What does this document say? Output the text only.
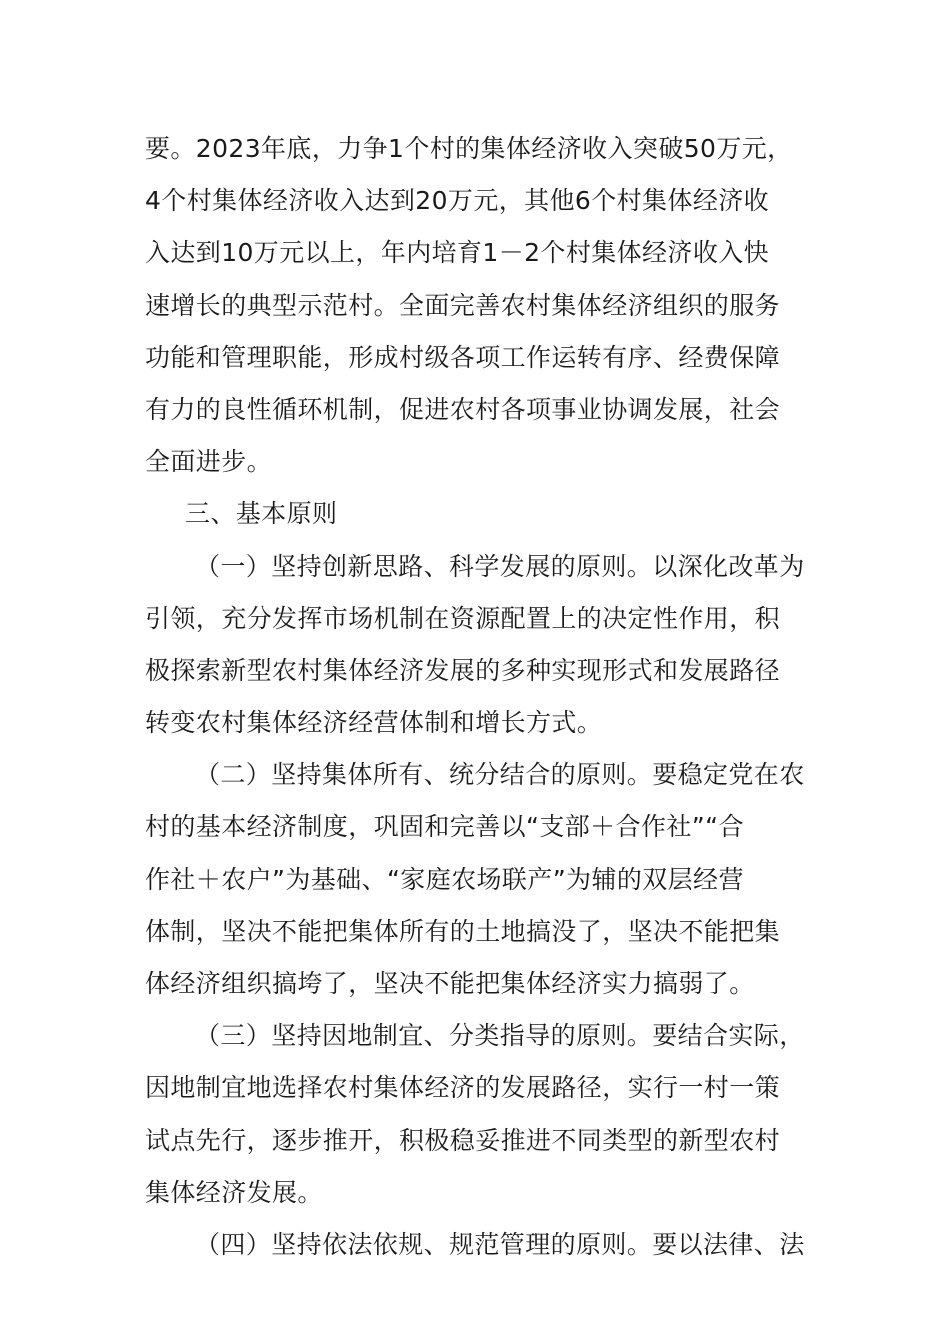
要。2023年底，力争1个村的集体经济收入突破50万元，
4个村集体经济收入达到20万元，其他6个村集体经济收
入达到10万元以上，年内培育1－2个村集体经济收入快
速增长的典型示范村。全面完善农村集体经济组织的服务
功能和管理职能，形成村级各项工作运转有序、经费保障
有力的良性循环机制，促进农村各项事业协调发展，社会
全面进步。
三、基本原则
（一）坚持创新思路、科学发展的原则。以深化改革为
引领，充分发挥市场机制在资源配置上的决定性作用，积
极探索新型农村集体经济发展的多种实现形式和发展路径
转变农村集体经济经营体制和增长方式。
（二）坚持集体所有、统分结合的原则。要稳定党在农
村的基本经济制度，巩固和完善以“支部＋合作社”“合
作社＋农户”为基础、“家庭农场联产”为辅的双层经营
体制，坚决不能把集体所有的土地搞没了，坚决不能把集
体经济组织搞垮了，坚决不能把集体经济实力搞弱了。
（三）坚持因地制宜、分类指导的原则。要结合实际，
因地制宜地选择农村集体经济的发展路径，实行一村一策
试点先行，逐步推开，积极稳妥推进不同类型的新型农村
集体经济发展。
（四）坚持依法依规、规范管理的原则。要以法律、法
